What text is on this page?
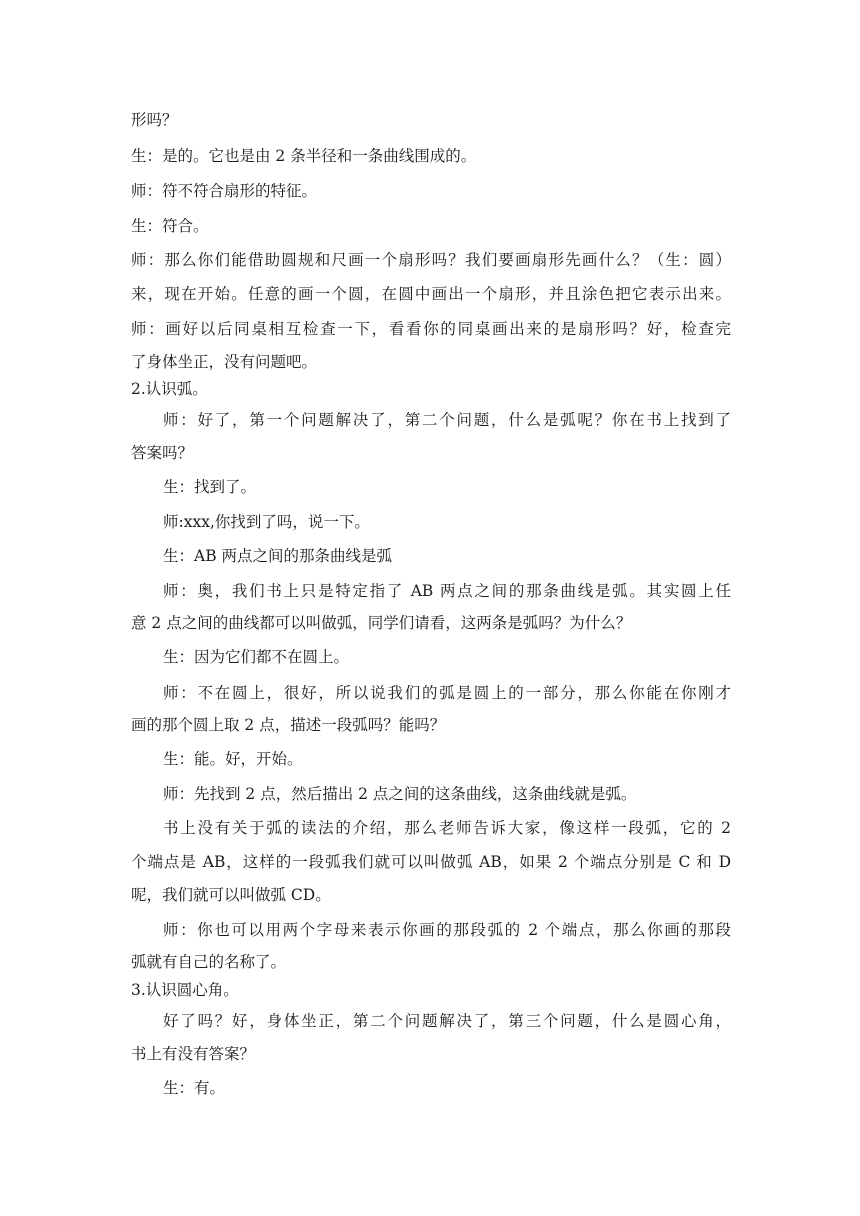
形吗？
生：是的。它也是由 2 条半径和一条曲线围成的。
师：符不符合扇形的特征。
生：符合。
师：那么你们能借助圆规和尺画一个扇形吗？我们要画扇形先画什么？（生：圆）
来，现在开始。任意的画一个圆，在圆中画出一个扇形，并且涂色把它表示出来。
师：画好以后同桌相互检查一下，看看你的同桌画出来的是扇形吗？好，检查完
了身体坐正，没有问题吧。
2.认识弧。
师：好了，第一个问题解决了，第二个问题，什么是弧呢？你在书上找到了
答案吗？
生：找到了。
师:xxx,你找到了吗，说一下。
生：AB 两点之间的那条曲线是弧
师：奥，我们书上只是特定指了 AB 两点之间的那条曲线是弧。其实圆上任
意 2 点之间的曲线都可以叫做弧，同学们请看，这两条是弧吗？为什么？
生：因为它们都不在圆上。
师：不在圆上，很好，所以说我们的弧是圆上的一部分，那么你能在你刚才
画的那个圆上取 2 点，描述一段弧吗？能吗？
生：能。好，开始。
师：先找到 2 点，然后描出 2 点之间的这条曲线，这条曲线就是弧。
书上没有关于弧的读法的介绍，那么老师告诉大家，像这样一段弧，它的 2
个端点是 AB，这样的一段弧我们就可以叫做弧 AB，如果 2 个端点分别是 C 和 D
呢，我们就可以叫做弧 CD。
师：你也可以用两个字母来表示你画的那段弧的 2 个端点，那么你画的那段
弧就有自己的名称了。
3.认识圆心角。
好了吗？好，身体坐正，第二个问题解决了，第三个问题，什么是圆心角，
书上有没有答案？
生：有。
